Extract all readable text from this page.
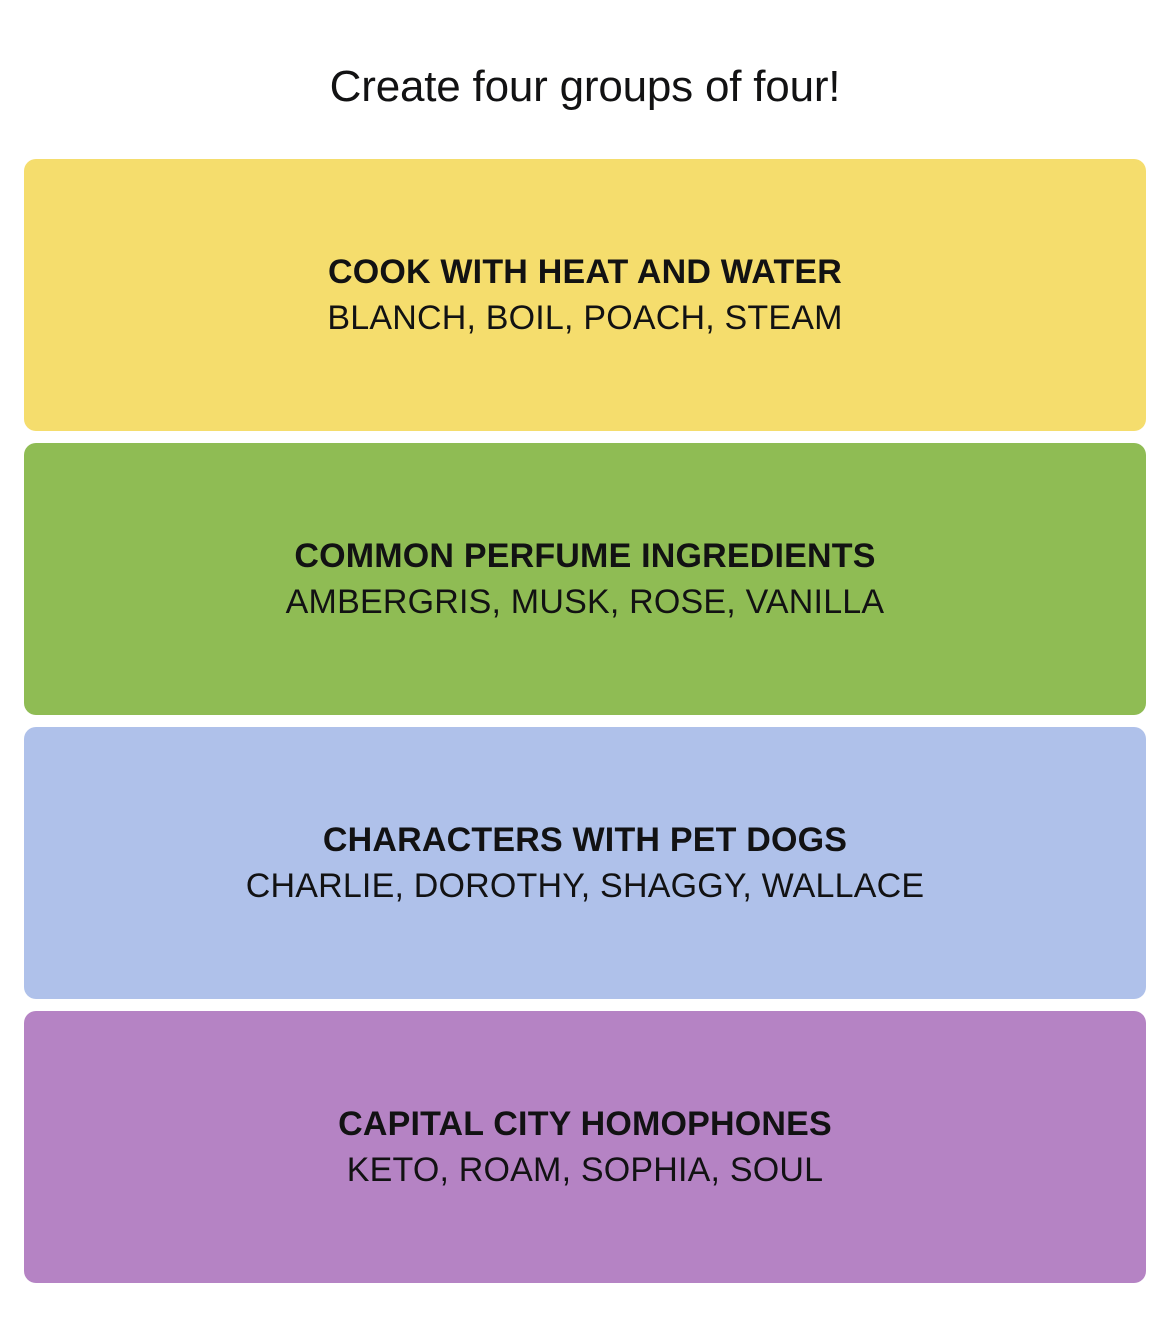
Create four groups of four!
COOK WITH HEAT AND WATER
BLANCH, BOIL, POACH, STEAM
COMMON PERFUME INGREDIENTS
AMBERGRIS, MUSK, ROSE, VANILLA
CHARACTERS WITH PET DOGS
CHARLIE, DOROTHY, SHAGGY, WALLACE
CAPITAL CITY HOMOPHONES
KETO, ROAM, SOPHIA, SOUL
